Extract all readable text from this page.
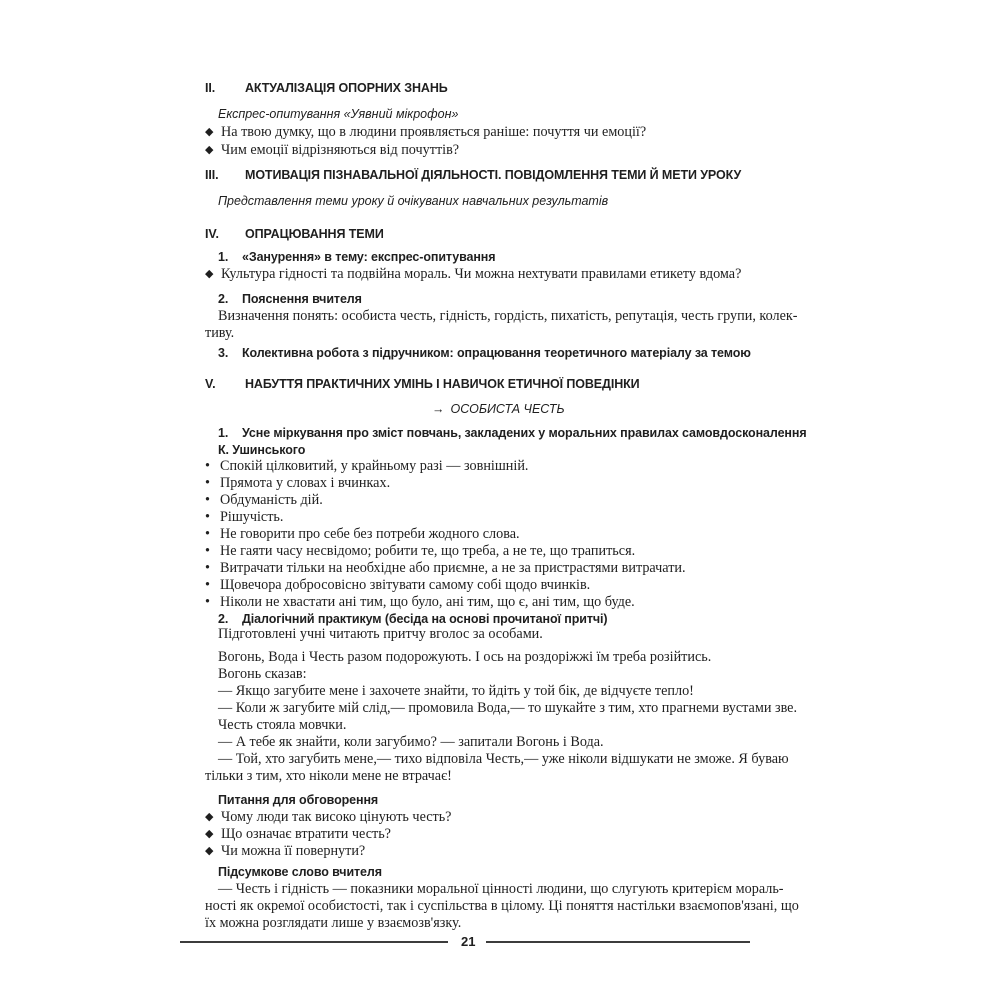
II. АКТУАЛІЗАЦІЯ ОПОРНИХ ЗНАНЬ
Експрес-опитування «Уявний мікрофон»
◆ На твою думку, що в людини проявляється раніше: почуття чи емоції?
◆ Чим емоції відрізняються від почуттів?
III. МОТИВАЦІЯ ПІЗНАВАЛЬНОЇ ДІЯЛЬНОСТІ. ПОВІДОМЛЕННЯ ТЕМИ Й МЕТИ УРОКУ
Представлення теми уроку й очікуваних навчальних результатів
IV. ОПРАЦЮВАННЯ ТЕМИ
1. «Занурення» в тему: експрес-опитування
◆ Культура гідності та подвійна мораль. Чи можна нехтувати правилами етикету вдома?
2. Пояснення вчителя
Визначення понять: особиста честь, гідність, гордість, пихатість, репутація, честь групи, колек-
тиву.
3. Колективна робота з підручником: опрацювання теоретичного матеріалу за темою
V. НАБУТТЯ ПРАКТИЧНИХ УМІНЬ І НАВИЧОК ЕТИЧНОЇ ПОВЕДІНКИ
→ ОСОБИСТА ЧЕСТЬ
1. Усне міркування про зміст повчань, закладених у моральних правилах самовдосконалення
К. Ушинського
• Спокій цілковитий, у крайньому разі — зовнішній.
• Прямота у словах і вчинках.
• Обдуманість дій.
• Рішучість.
• Не говорити про себе без потреби жодного слова.
• Не гаяти часу несвідомо; робити те, що треба, а не те, що трапиться.
• Витрачати тільки на необхідне або приємне, а не за пристрастями витрачати.
• Щовечора добросовісно звітувати самому собі щодо вчинків.
• Ніколи не хвастати ані тим, що було, ані тим, що є, ані тим, що буде.
2. Діалогічний практикум (бесіда на основі прочитаної притчі)
Підготовлені учні читають притчу вголос за особами.
Вогонь, Вода і Честь разом подорожують. І ось на роздоріжжі їм треба розійтись.
Вогонь сказав:
— Якщо загубите мене і захочете знайти, то йдіть у той бік, де відчуєте тепло!
— Коли ж загубите мій слід,— промовила Вода,— то шукайте з тим, хто прагнеми вустами зве.
Честь стояла мовчки.
— А тебе як знайти, коли загубимо? — запитали Вогонь і Вода.
— Той, хто загубить мене,— тихо відповіла Честь,— уже ніколи відшукати не зможе. Я буваю
тільки з тим, хто ніколи мене не втрачає!
Питання для обговорення
◆ Чому люди так високо цінують честь?
◆ Що означає втратити честь?
◆ Чи можна її повернути?
Підсумкове слово вчителя
— Честь і гідність — показники моральної цінності людини, що слугують критерієм мораль-
ності як окремої особистості, так і суспільства в цілому. Ці поняття настільки взаємопов'язані, що
їх можна розглядати лише у взаємозв'язку.
21
